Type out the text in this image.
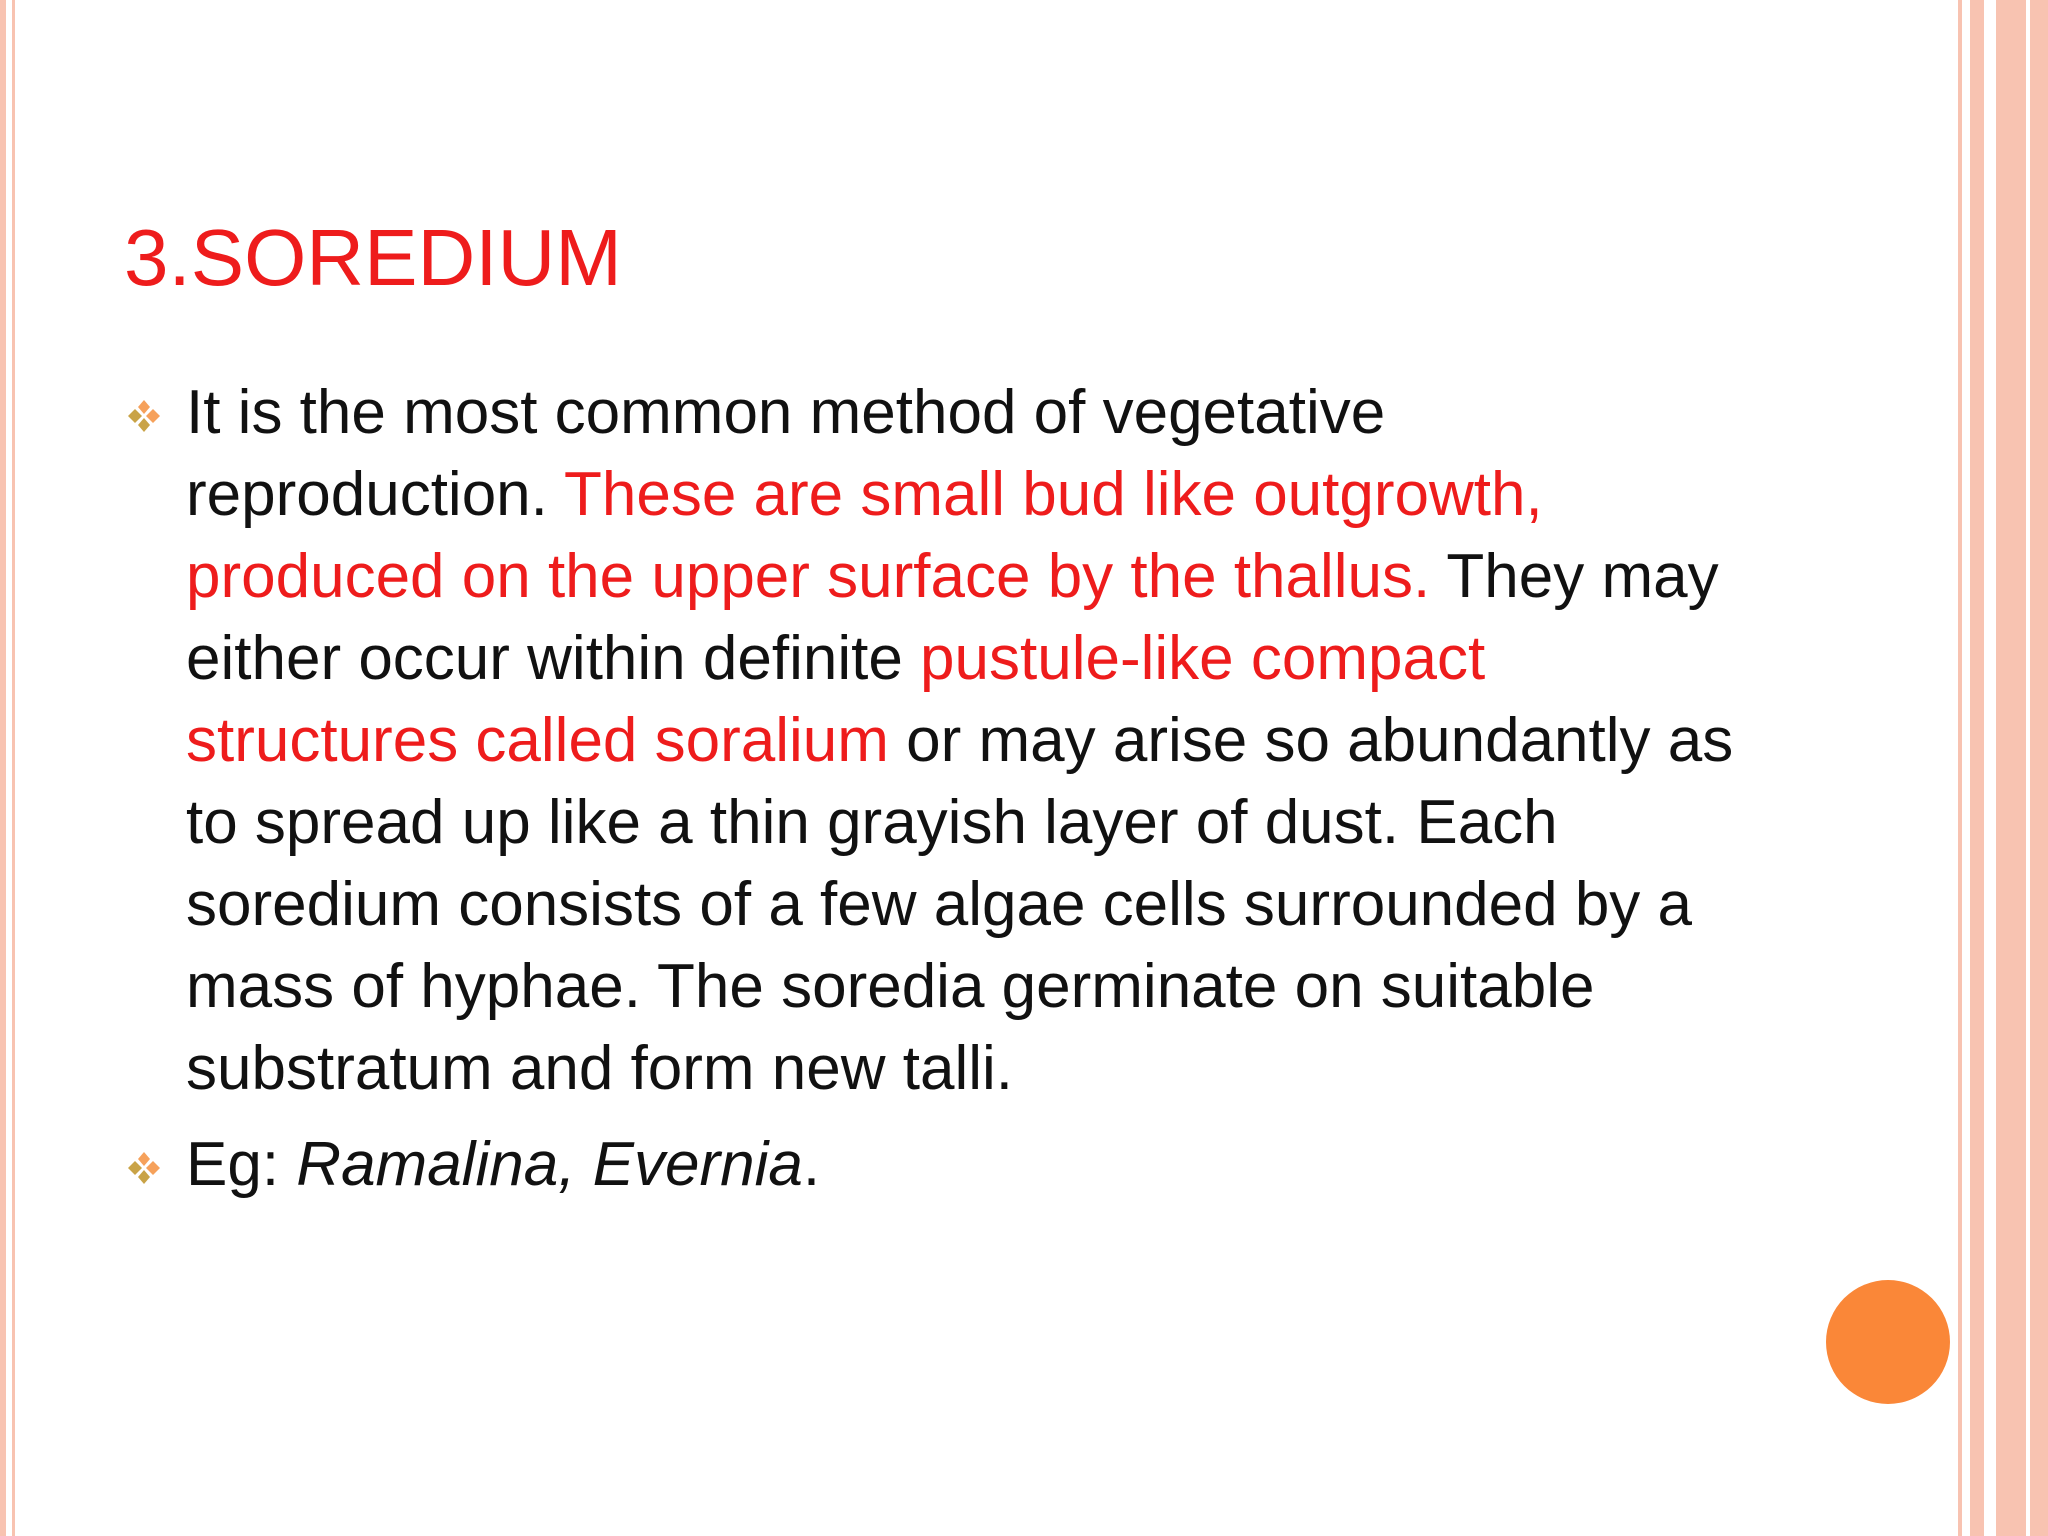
3.SOREDIUM
It is the most common method of vegetative reproduction. These are small bud like outgrowth, produced on the upper surface by the thallus. They may either occur within definite pustule-like compact structures called soralium or may arise so abundantly as to spread up like a thin grayish layer of dust. Each soredium consists of a few algae cells surrounded by a mass of hyphae. The soredia germinate on suitable substratum and form new talli.
Eg: Ramalina, Evernia.
